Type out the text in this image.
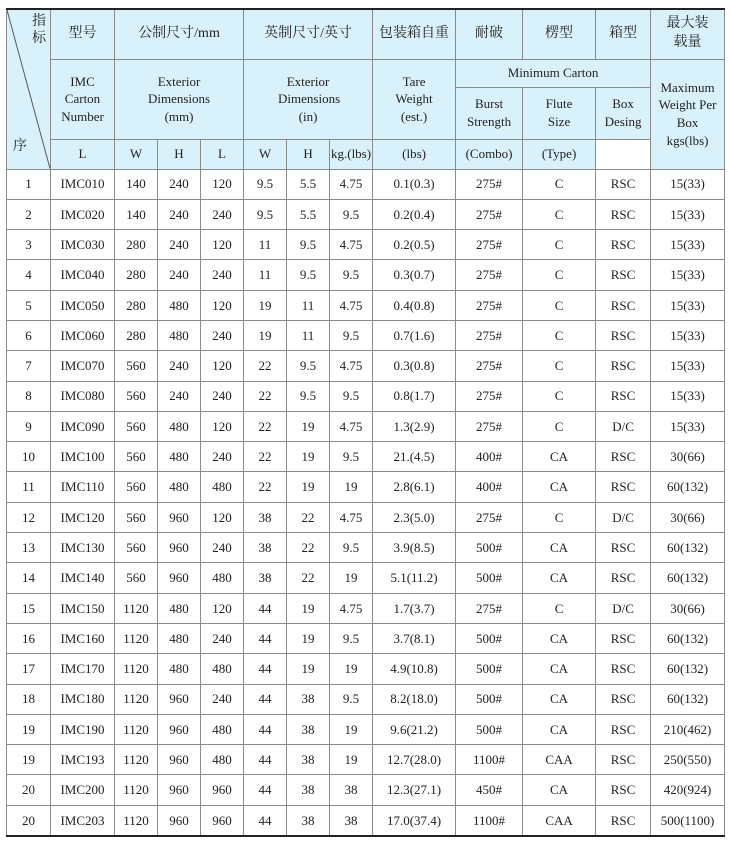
指标
序	型号	公制尺寸/mm			英制尺寸/英寸			包装箱自重	耐破	楞型	箱型	最大装载量
	IMC Carton Number	Exterior Dimensions (mm)			Exterior Dimensions (in)			Tare Weight (est.)	Minimum Carton			Maximum Weight Per Box kgs(lbs)
									Burst Strength	Flute Size	Box Desing	
	L	W	H	L	W	H	kg.(lbs)	(lbs)	(Combo)	(Type)		
1	IMC010	140	240	120	9.5	5.5	4.75	0.1(0.3)	275#	C	RSC	15(33)
2	IMC020	140	240	240	9.5	5.5	9.5	0.2(0.4)	275#	C	RSC	15(33)
3	IMC030	280	240	120	11	9.5	4.75	0.2(0.5)	275#	C	RSC	15(33)
4	IMC040	280	240	240	11	9.5	9.5	0.3(0.7)	275#	C	RSC	15(33)
5	IMC050	280	480	120	19	11	4.75	0.4(0.8)	275#	C	RSC	15(33)
6	IMC060	280	480	240	19	11	9.5	0.7(1.6)	275#	C	RSC	15(33)
7	IMC070	560	240	120	22	9.5	4.75	0.3(0.8)	275#	C	RSC	15(33)
8	IMC080	560	240	240	22	9.5	9.5	0.8(1.7)	275#	C	RSC	15(33)
9	IMC090	560	480	120	22	19	4.75	1.3(2.9)	275#	C	D/C	15(33)
10	IMC100	560	480	240	22	19	9.5	21.(4.5)	400#	CA	RSC	30(66)
11	IMC110	560	480	480	22	19	19	2.8(6.1)	400#	CA	RSC	60(132)
12	IMC120	560	960	120	38	22	4.75	2.3(5.0)	275#	C	D/C	30(66)
13	IMC130	560	960	240	38	22	9.5	3.9(8.5)	500#	CA	RSC	60(132)
14	IMC140	560	960	480	38	22	19	5.1(11.2)	500#	CA	RSC	60(132)
15	IMC150	1120	480	120	44	19	4.75	1.7(3.7)	275#	C	D/C	30(66)
16	IMC160	1120	480	240	44	19	9.5	3.7(8.1)	500#	CA	RSC	60(132)
17	IMC170	1120	480	480	44	19	19	4.9(10.8)	500#	CA	RSC	60(132)
18	IMC180	1120	960	240	44	38	9.5	8.2(18.0)	500#	CA	RSC	60(132)
19	IMC190	1120	960	480	44	38	19	9.6(21.2)	500#	CA	RSC	210(462)
19	IMC193	1120	960	480	44	38	19	12.7(28.0)	1100#	CAA	RSC	250(550)
20	IMC200	1120	960	960	44	38	38	12.3(27.1)	450#	CA	RSC	420(924)
20	IMC203	1120	960	960	44	38	38	17.0(37.4)	1100#	CAA	RSC	500(1100)
